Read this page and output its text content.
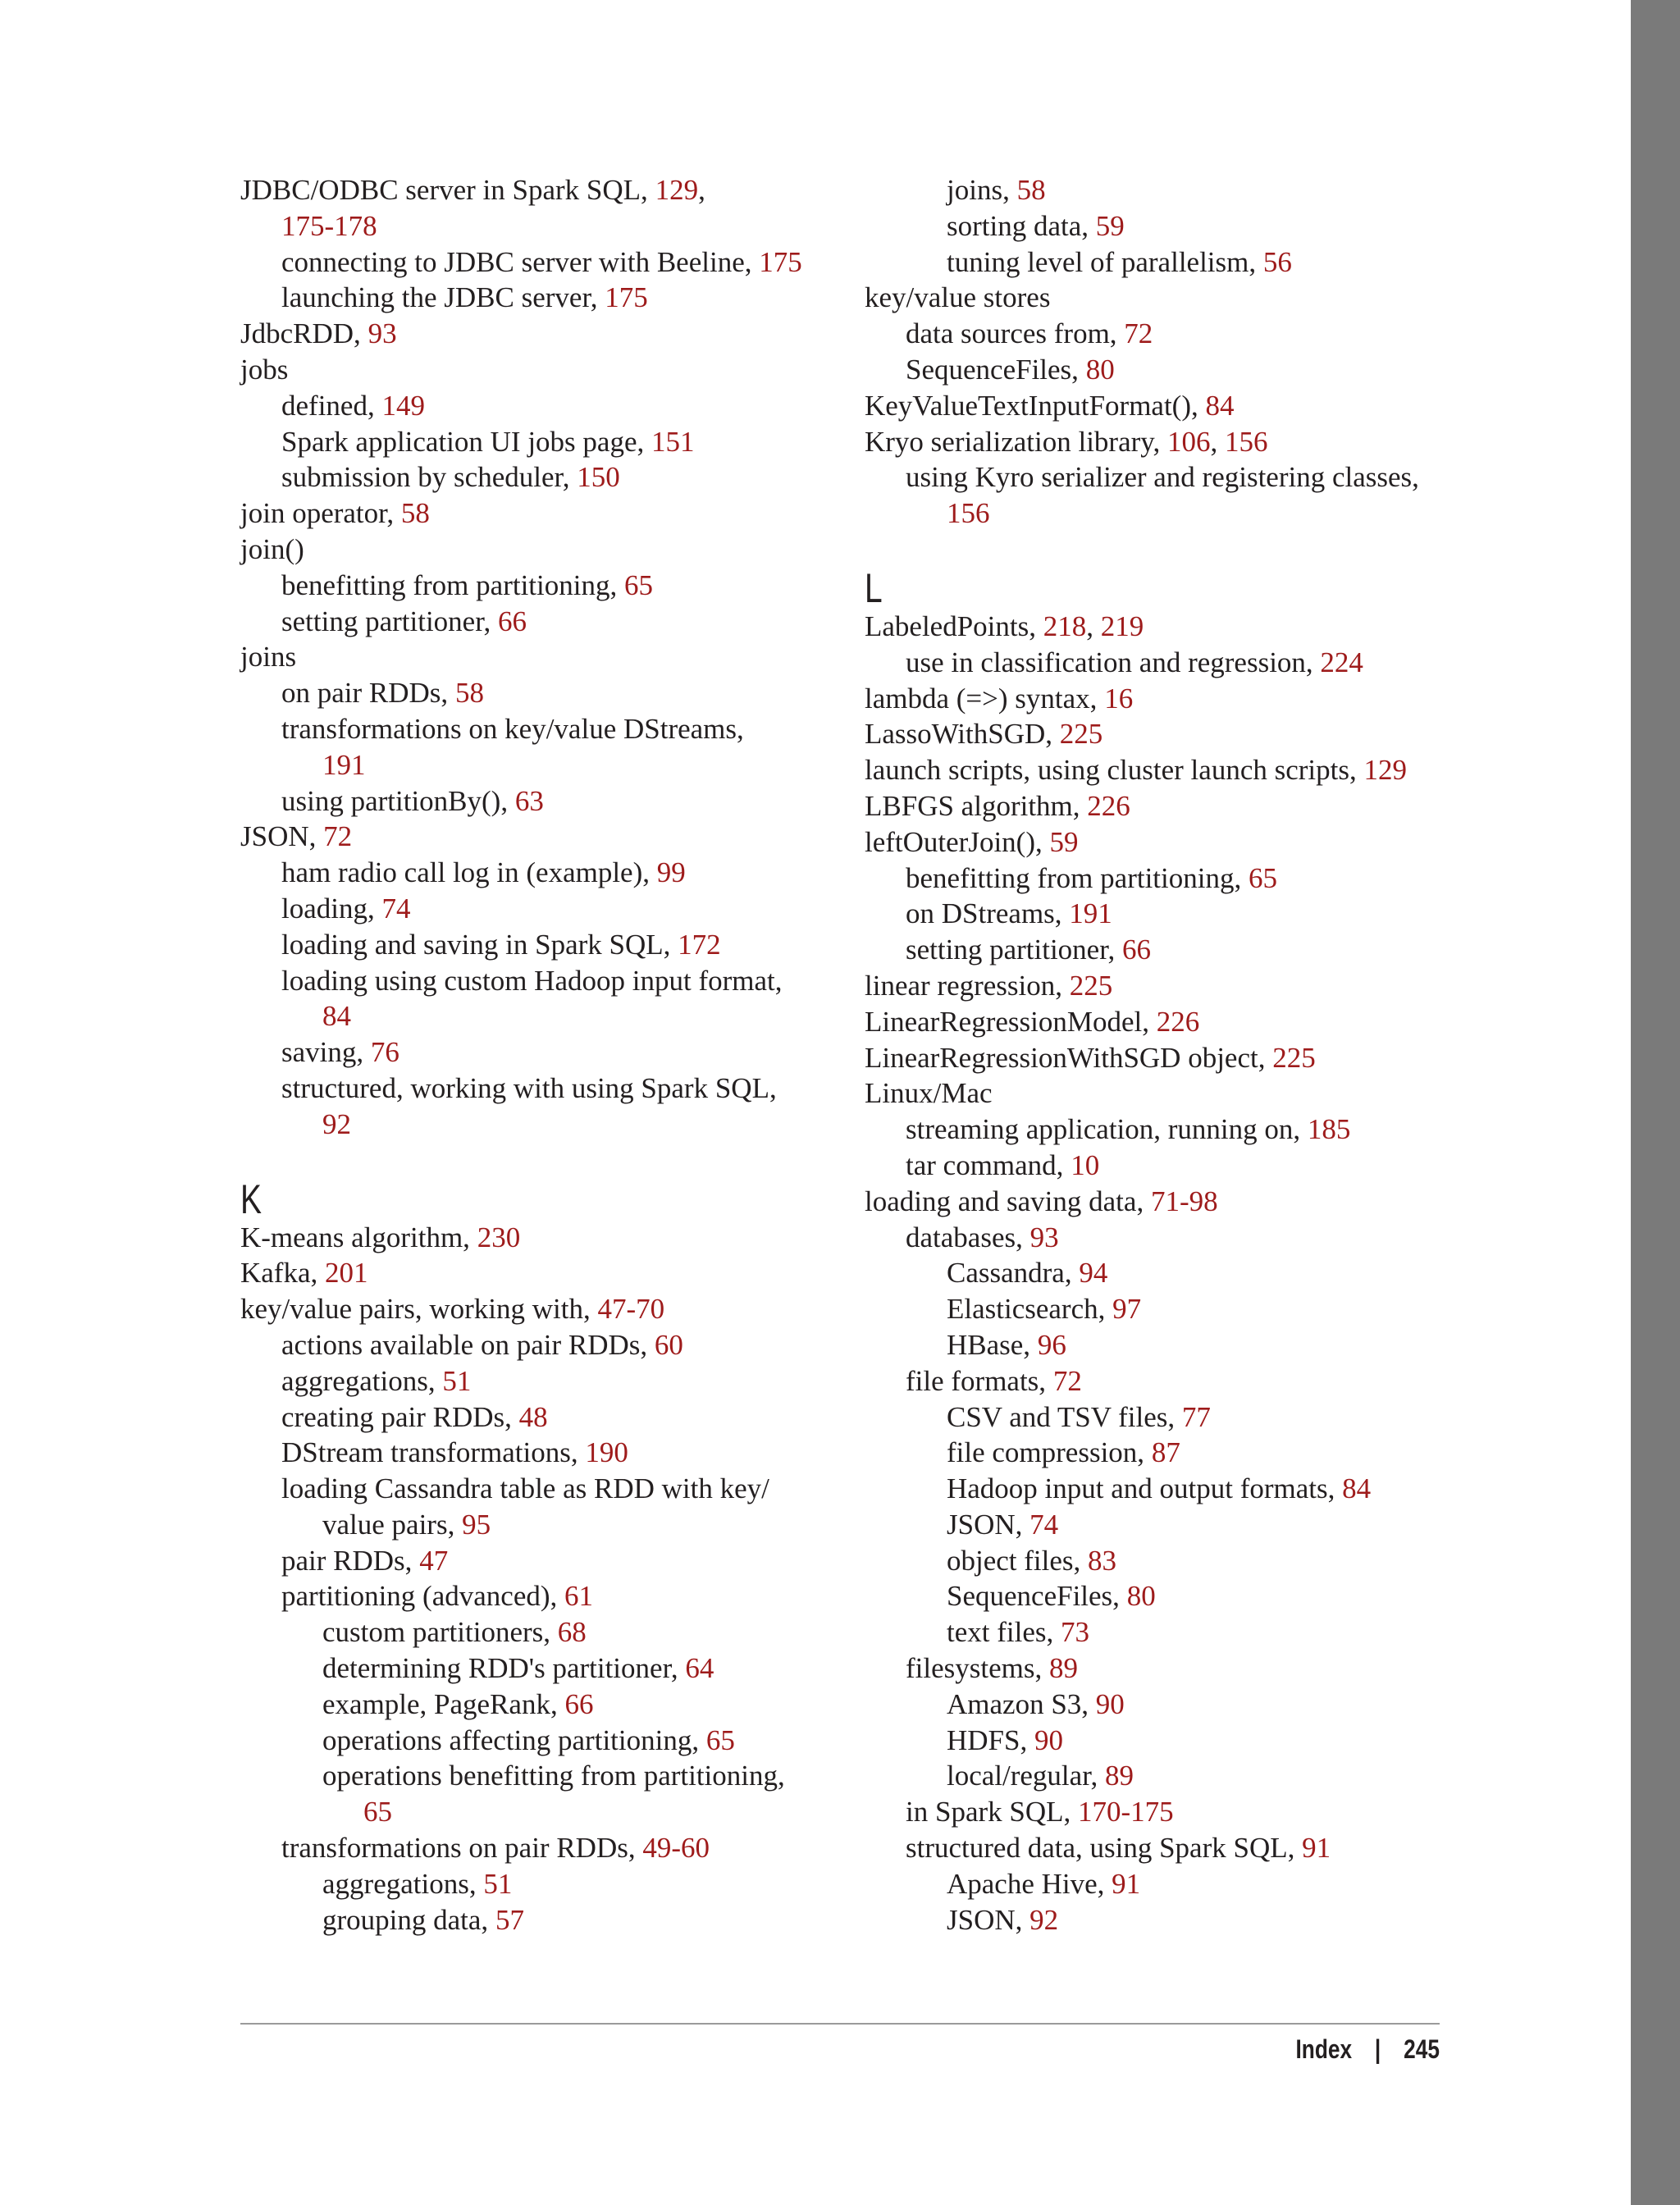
JDBC/ODBC server in Spark SQL, 129,
175-178
connecting to JDBC server with Beeline, 175
launching the JDBC server, 175
JdbcRDD, 93
jobs
defined, 149
Spark application UI jobs page, 151
submission by scheduler, 150
join operator, 58
join()
benefitting from partitioning, 65
setting partitioner, 66
joins
on pair RDDs, 58
transformations on key/value DStreams,
191
using partitionBy(), 63
JSON, 72
ham radio call log in (example), 99
loading, 74
loading and saving in Spark SQL, 172
loading using custom Hadoop input format,
84
saving, 76
structured, working with using Spark SQL,
92
K
K-means algorithm, 230
Kafka, 201
key/value pairs, working with, 47-70
actions available on pair RDDs, 60
aggregations, 51
creating pair RDDs, 48
DStream transformations, 190
loading Cassandra table as RDD with key/
value pairs, 95
pair RDDs, 47
partitioning (advanced), 61
custom partitioners, 68
determining RDD's partitioner, 64
example, PageRank, 66
operations affecting partitioning, 65
operations benefitting from partitioning,
65
transformations on pair RDDs, 49-60
aggregations, 51
grouping data, 57
joins, 58
sorting data, 59
tuning level of parallelism, 56
key/value stores
data sources from, 72
SequenceFiles, 80
KeyValueTextInputFormat(), 84
Kryo serialization library, 106, 156
using Kyro serializer and registering classes,
156
L
LabeledPoints, 218, 219
use in classification and regression, 224
lambda (=>) syntax, 16
LassoWithSGD, 225
launch scripts, using cluster launch scripts, 129
LBFGS algorithm, 226
leftOuterJoin(), 59
benefitting from partitioning, 65
on DStreams, 191
setting partitioner, 66
linear regression, 225
LinearRegressionModel, 226
LinearRegressionWithSGD object, 225
Linux/Mac
streaming application, running on, 185
tar command, 10
loading and saving data, 71-98
databases, 93
Cassandra, 94
Elasticsearch, 97
HBase, 96
file formats, 72
CSV and TSV files, 77
file compression, 87
Hadoop input and output formats, 84
JSON, 74
object files, 83
SequenceFiles, 80
text files, 73
filesystems, 89
Amazon S3, 90
HDFS, 90
local/regular, 89
in Spark SQL, 170-175
structured data, using Spark SQL, 91
Apache Hive, 91
JSON, 92
Index | 245
